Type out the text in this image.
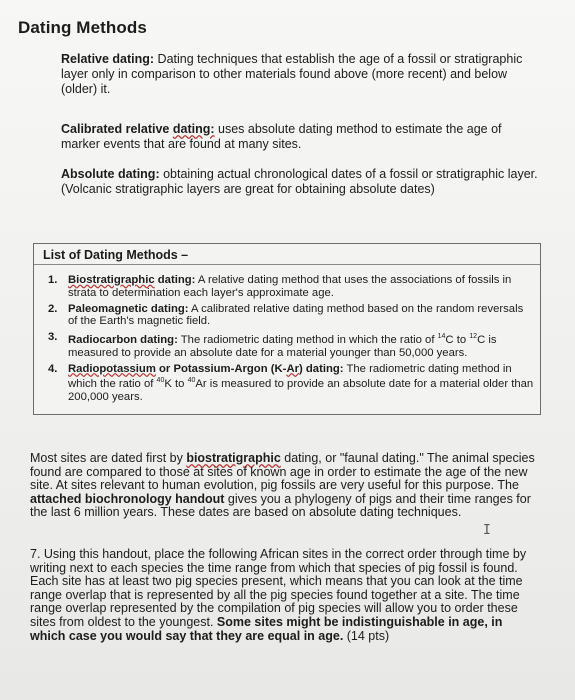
Dating Methods
Relative dating: Dating techniques that establish the age of a fossil or stratigraphic layer only in comparison to other materials found above (more recent) and below (older) it.
Calibrated relative dating: uses absolute dating method to estimate the age of marker events that are found at many sites.
Absolute dating: obtaining actual chronological dates of a fossil or stratigraphic layer. (Volcanic stratigraphic layers are great for obtaining absolute dates)
List of Dating Methods –
1. Biostratigraphic dating: A relative dating method that uses the associations of fossils in strata to determination each layer's approximate age.
2. Paleomagnetic dating: A calibrated relative dating method based on the random reversals of the Earth's magnetic field.
3. Radiocarbon dating: The radiometric dating method in which the ratio of $^{14}$C to $^{12}$C is measured to provide an absolute date for a material younger than 50,000 years.
4. Radiopotassium or Potassium-Argon (K-Ar) dating: The radiometric dating method in which the ratio of $^{40}$K to $^{40}$Ar is measured to provide an absolute date for a material older than 200,000 years.
Most sites are dated first by biostratigraphic dating, or "faunal dating." The animal species found are compared to those at sites of known age in order to estimate the age of the new site. At sites relevant to human evolution, pig fossils are very useful for this purpose. The attached biochronology handout gives you a phylogeny of pigs and their time ranges for the last 6 million years. These dates are based on absolute dating techniques.
I
7. Using this handout, place the following African sites in the correct order through time by writing next to each species the time range from which that species of pig fossil is found. Each site has at least two pig species present, which means that you can look at the time range overlap that is represented by all the pig species found together at a site. The time range overlap represented by the compilation of pig species will allow you to order these sites from oldest to the youngest. Some sites might be indistinguishable in age, in which case you would say that they are equal in age. (14 pts)
